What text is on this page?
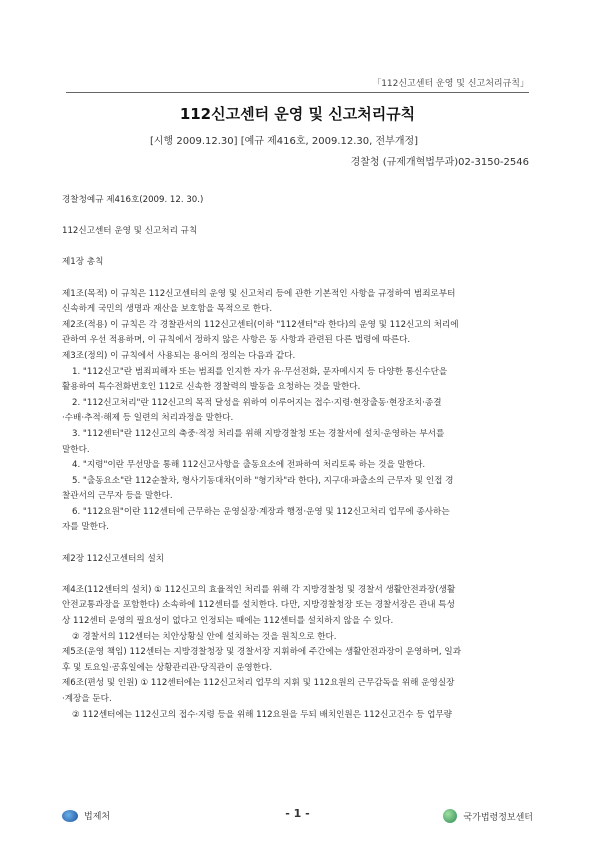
「112신고센터 운영 및 신고처리규칙」
112신고센터 운영 및 신고처리규칙
[시행 2009.12.30] [예규 제416호, 2009.12.30, 전부개정]
경찰청 (규제개혁법무과)02-3150-2546

경찰청예규 제416호(2009. 12. 30.)

112신고센터 운영 및 신고처리 규칙

제1장 총칙

제1조(목적) 이 규칙은 112신고센터의 운영 및 신고처리 등에 관한 기본적인 사항을 규정하여 범죄로부터

신속하게 국민의 생명과 재산을 보호함을 목적으로 한다.

제2조(적용) 이 규칙은 각 경찰관서의 112신고센터(이하 "112센터"라 한다)의 운영 및 112신고의 처리에

관하여 우선 적용하며, 이 규칙에서 정하지 않은 사항은 동 사항과 관련된 다른 법령에 따른다.

제3조(정의) 이 규칙에서 사용되는 용어의 정의는 다음과 같다.

1. "112신고"란 범죄피해자 또는 범죄를 인지한 자가 유·무선전화, 문자메시지 등 다양한 통신수단을

활용하여 특수전화번호인 112로 신속한 경찰력의 발동을 요청하는 것을 말한다.

2. "112신고처리"란 112신고의 목적 달성을 위하여 이루어지는 접수·지령·현장출동·현장조치·종결

·수배·추적·해제 등 일련의 처리과정을 말한다.

3. "112센터"란 112신고의 축중·적정 처리를 위해 지방경찰청 또는 경찰서에 설치·운영하는 부서를

말한다.

4. "지령"이란 무선망을 통해 112신고사항을 출동요소에 전파하여 처리토록 하는 것을 말한다.

5. "출동요소"란 112순찰차, 형사기동대차(이하 "형기차"라 한다), 지구대·파출소의 근무자 및 인접 경

찰관서의 근무자 등을 말한다.

6. "112요원"이란 112센터에 근무하는 운영실장·계장과 행정·운영 및 112신고처리 업무에 종사하는

자를 말한다.

제2장 112신고센터의 설치

제4조(112센터의 설치) ① 112신고의 효율적인 처리를 위해 각 지방경찰청 및 경찰서 생활안전과장(생활

안전교통과장을 포함한다) 소속하에 112센터를 설치한다. 다만, 지방경찰청장 또는 경찰서장은 관내 특성

상 112센터 운영의 필요성이 없다고 인정되는 때에는 112센터를 설치하지 않을 수 있다.

② 경찰서의 112센터는 치안상황실 안에 설치하는 것을 원칙으로 한다.

제5조(운영 책임) 112센터는 지방경찰청장 및 경찰서장 지휘하에 주간에는 생활안전과장이 운영하며, 일과

후 및 토요일·공휴일에는 상황관리관·당직관이 운영한다.

제6조(편성 및 인원) ① 112센터에는 112신고처리 업무의 지휘 및 112요원의 근무감독을 위해 운영실장

·계장을 둔다.

② 112센터에는 112신고의 접수·지령 등을 위해 112요원을 두되 배치인원은 112신고건수 등 업무량

법제처	- 1 -	국가법령정보센터
